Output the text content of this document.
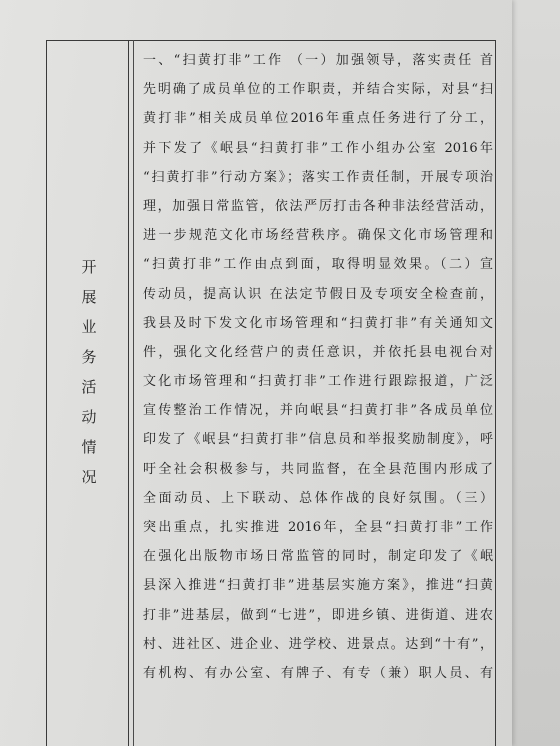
开
展
业
务
活
动
情
况
一、“扫黄打非”工作 （一）加强领导，落实责任 首
先明确了成员单位的工作职责，并结合实际，对县“扫
黄打非”相关成员单位2016年重点任务进行了分工，
并下发了《岷县“扫黄打非”工作小组办公室 2016年
“扫黄打非”行动方案》；落实工作责任制，开展专项治
理，加强日常监管，依法严厉打击各种非法经营活动，
进一步规范文化市场经营秩序。确保文化市场管理和
“扫黄打非”工作由点到面，取得明显效果。（二）宣
传动员，提高认识 在法定节假日及专项安全检查前，
我县及时下发文化市场管理和“扫黄打非”有关通知文
件，强化文化经营户的责任意识，并依托县电视台对
文化市场管理和“扫黄打非”工作进行跟踪报道，广泛
宣传整治工作情况，并向岷县“扫黄打非”各成员单位
印发了《岷县“扫黄打非”信息员和举报奖励制度》，呼
吁全社会积极参与，共同监督，在全县范围内形成了
全面动员、上下联动、总体作战的良好氛围。（三）
突出重点，扎实推进 2016年，全县“扫黄打非”工作
在强化出版物市场日常监管的同时，制定印发了《岷
县深入推进“扫黄打非”进基层实施方案》，推进“扫黄
打非”进基层，做到“七进”，即进乡镇、进街道、进农
村、进社区、进企业、进学校、进景点。达到“十有”，
有机构、有办公室、有牌子、有专（兼）职人员、有
